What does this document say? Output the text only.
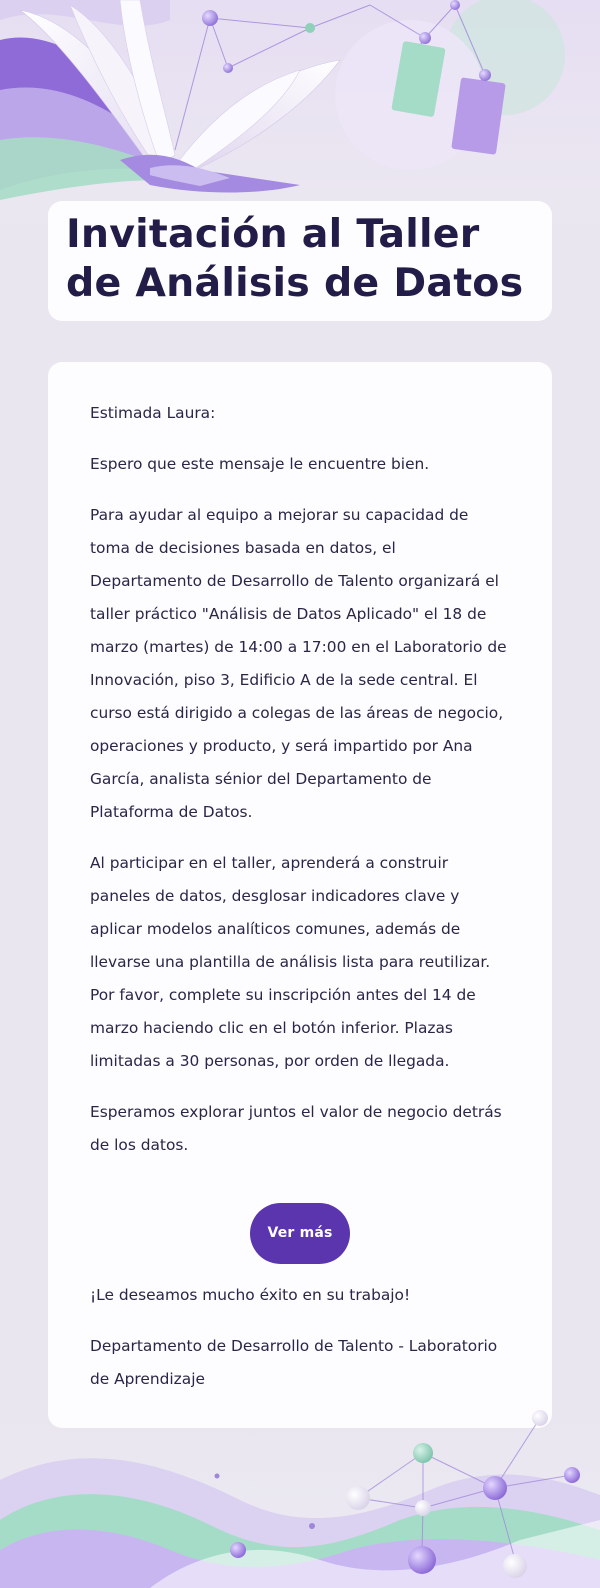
Invitación al Taller de Análisis de Datos

Estimada Laura:

Espero que este mensaje le encuentre bien.

Para ayudar al equipo a mejorar su capacidad de toma de decisiones basada en datos, el Departamento de Desarrollo de Talento organizará el taller práctico "Análisis de Datos Aplicado" el 18 de marzo (martes) de 14:00 a 17:00 en el Laboratorio de Innovación, piso 3, Edificio A de la sede central. El curso está dirigido a colegas de las áreas de negocio, operaciones y producto, y será impartido por Ana García, analista sénior del Departamento de Plataforma de Datos.

Al participar en el taller, aprenderá a construir paneles de datos, desglosar indicadores clave y aplicar modelos analíticos comunes, además de llevarse una plantilla de análisis lista para reutilizar. Por favor, complete su inscripción antes del 14 de marzo haciendo clic en el botón inferior. Plazas limitadas a 30 personas, por orden de llegada.

Esperamos explorar juntos el valor de negocio detrás de los datos.

Ver más

¡Le deseamos mucho éxito en su trabajo!

Departamento de Desarrollo de Talento - Laboratorio de Aprendizaje
